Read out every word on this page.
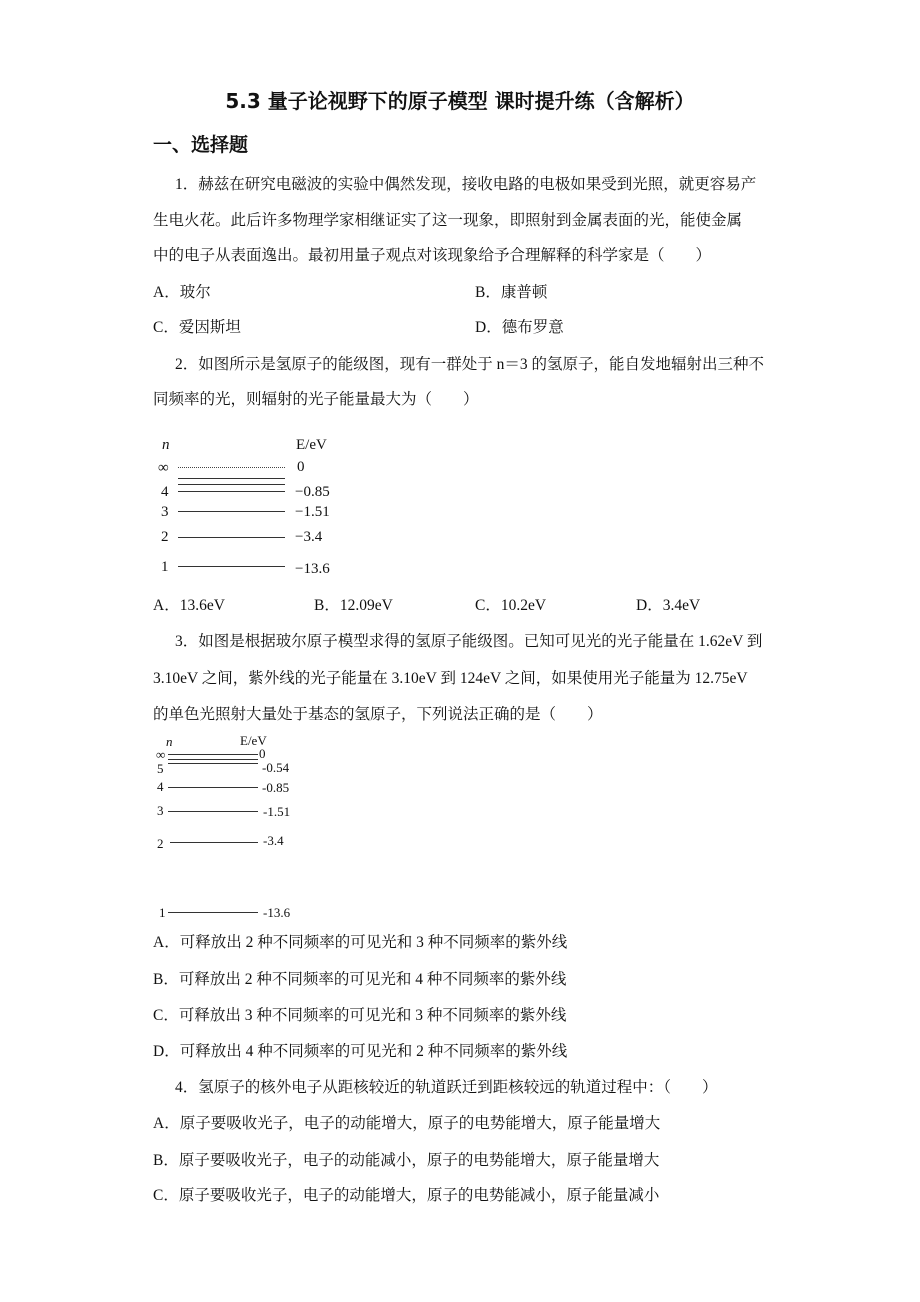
5.3 量子论视野下的原子模型 课时提升练（含解析）
一、选择题
1．赫兹在研究电磁波的实验中偶然发现，接收电路的电极如果受到光照，就更容易产
生电火花。此后许多物理学家相继证实了这一现象，即照射到金属表面的光，能使金属
中的电子从表面逸出。最初用量子观点对该现象给予合理解释的科学家是（　　）
A．玻尔	B．康普顿
C．爱因斯坦	D．德布罗意
2．如图所示是氢原子的能级图，现有一群处于 n＝3 的氢原子，能自发地辐射出三种不
同频率的光，则辐射的光子能量最大为（　　）
n	E/eV
∞
4
3
2
1
0
−0.85
−1.51
−3.4
−13.6
A．13.6eV	B．12.09eV	C．10.2eV	D．3.4eV
3．如图是根据玻尔原子模型求得的氢原子能级图。已知可见光的光子能量在 1.62eV 到
3.10eV 之间，紫外线的光子能量在 3.10eV 到 124eV 之间，如果使用光子能量为 12.75eV
的单色光照射大量处于基态的氢原子，下列说法正确的是（　　）
n	E/eV
∞
5
4
3
2
1
0
-0.54
-0.85
-1.51
-3.4
-13.6
A．可释放出 2 种不同频率的可见光和 3 种不同频率的紫外线
B．可释放出 2 种不同频率的可见光和 4 种不同频率的紫外线
C．可释放出 3 种不同频率的可见光和 3 种不同频率的紫外线
D．可释放出 4 种不同频率的可见光和 2 种不同频率的紫外线
4．氢原子的核外电子从距核较近的轨道跃迁到距核较远的轨道过程中：（　　）
A．原子要吸收光子，电子的动能增大，原子的电势能增大，原子能量增大
B．原子要吸收光子，电子的动能减小，原子的电势能增大，原子能量增大
C．原子要吸收光子，电子的动能增大，原子的电势能减小，原子能量减小
